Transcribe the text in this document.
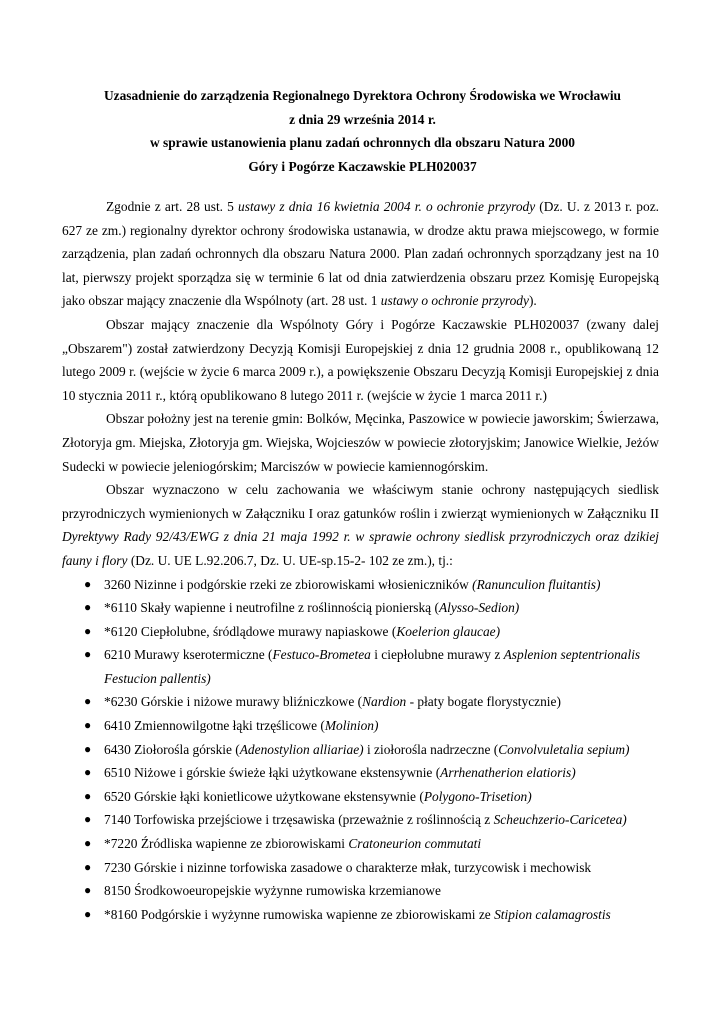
Uzasadnienie do zarządzenia Regionalnego Dyrektora Ochrony Środowiska we Wrocławiu
z dnia 29 września 2014 r.
w sprawie ustanowienia planu zadań ochronnych dla obszaru Natura 2000
Góry i Pogórze Kaczawskie PLH020037

Zgodnie z art. 28 ust. 5 ustawy z dnia 16 kwietnia 2004 r. o ochronie przyrody (Dz. U. z 2013 r. poz. 627 ze zm.) regionalny dyrektor ochrony środowiska ustanawia, w drodze aktu prawa miejscowego, w formie zarządzenia, plan zadań ochronnych dla obszaru Natura 2000. Plan zadań ochronnych sporządzany jest na 10 lat, pierwszy projekt sporządza się w terminie 6 lat od dnia zatwierdzenia obszaru przez Komisję Europejską jako obszar mający znaczenie dla Wspólnoty (art. 28 ust. 1 ustawy o ochronie przyrody).

Obszar mający znaczenie dla Wspólnoty Góry i Pogórze Kaczawskie PLH020037 (zwany dalej „Obszarem") został zatwierdzony Decyzją Komisji Europejskiej z dnia 12 grudnia 2008 r., opublikowaną 12 lutego 2009 r. (wejście w życie 6 marca 2009 r.), a powiększenie Obszaru Decyzją Komisji Europejskiej z dnia 10 stycznia 2011 r., którą opublikowano 8 lutego 2011 r. (wejście w życie 1 marca 2011 r.)

Obszar położny jest na terenie gmin: Bolków, Męcinka, Paszowice w powiecie jaworskim; Świerzawa, Złotoryja gm. Miejska, Złotoryja gm. Wiejska, Wojcieszów w powiecie złotoryjskim; Janowice Wielkie, Jeżów Sudecki w powiecie jeleniogórskim; Marciszów w powiecie kamiennogórskim.

Obszar wyznaczono w celu zachowania we właściwym stanie ochrony następujących siedlisk przyrodniczych wymienionych w Załączniku I oraz gatunków roślin i zwierząt wymienionych w Załączniku II Dyrektywy Rady 92/43/EWG z dnia 21 maja 1992 r. w sprawie ochrony siedlisk przyrodniczych oraz dzikiej fauny i flory (Dz. U. UE L.92.206.7, Dz. U. UE-sp.15-2- 102 ze zm.), tj.:

● 3260 Nizinne i podgórskie rzeki ze zbiorowiskami włosieniczników (Ranunculion fluitantis)
● *6110 Skały wapienne i neutrofilne z roślinnością pionierską (Alysso-Sedion)
● *6120 Ciepłolubne, śródlądowe murawy napiaskowe (Koelerion glaucae)
● 6210 Murawy kserotermiczne (Festuco-Brometea i ciepłolubne murawy z Asplenion septentrionalis Festucion pallentis)
● *6230 Górskie i niżowe murawy bliźniczkowe (Nardion - płaty bogate florystycznie)
● 6410 Zmiennowilgotne łąki trzęślicowe (Molinion)
● 6430 Ziołorośla górskie (Adenostylion alliariae) i ziołorośla nadrzeczne (Convolvuletalia sepium)
● 6510 Niżowe i górskie świeże łąki użytkowane ekstensywnie (Arrhenatherion elatioris)
● 6520 Górskie łąki konietlicowe użytkowane ekstensywnie (Polygono-Trisetion)
● 7140 Torfowiska przejściowe i trzęsawiska (przeważnie z roślinnością z Scheuchzerio-Caricetea)
● *7220 Źródliska wapienne ze zbiorowiskami Cratoneurion commutati
● 7230 Górskie i nizinne torfowiska zasadowe o charakterze młak, turzycowisk i mechowisk
● 8150 Środkowoeuropejskie wyżynne rumowiska krzemianowe
● *8160 Podgórskie i wyżynne rumowiska wapienne ze zbiorowiskami ze Stipion calamagrostis
